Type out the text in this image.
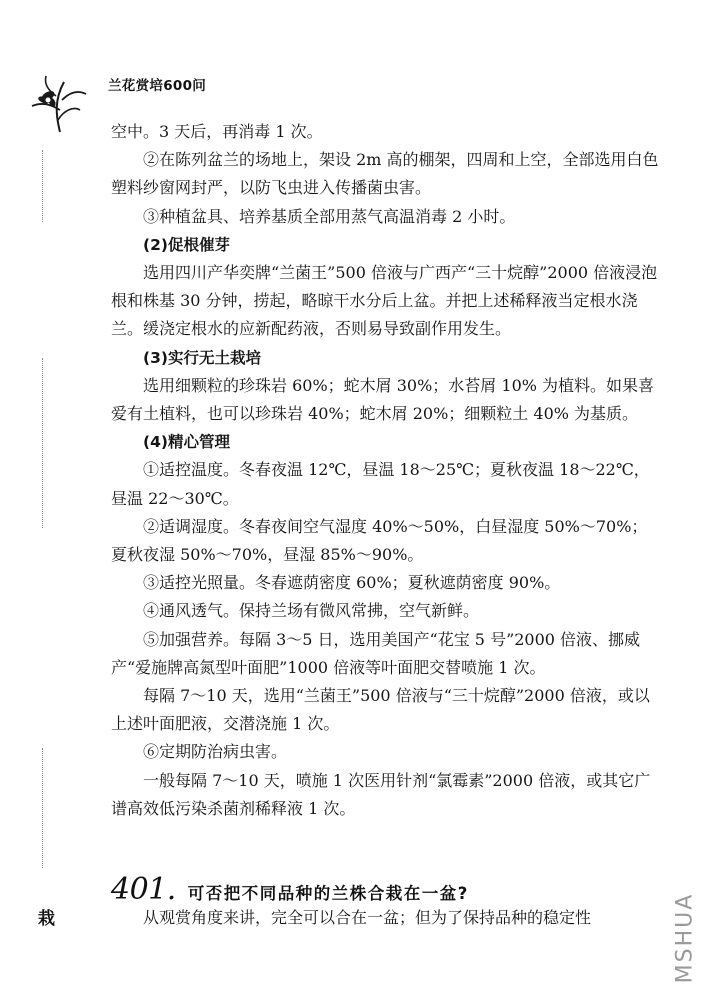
兰花赏培600问

空中。3 天后，再消毒 1 次。

②在陈列盆兰的场地上，架设 2m 高的棚架，四周和上空，全部选用白色塑料纱窗网封严，以防飞虫进入传播菌虫害。

③种植盆具、培养基质全部用蒸气高温消毒 2 小时。

(2)促根催芽

选用四川产华奕牌“兰菌王”500 倍液与广西产“三十烷醇”2000 倍液浸泡根和株基 30 分钟，捞起，略晾干水分后上盆。并把上述稀释液当定根水浇兰。缓浇定根水的应新配药液，否则易导致副作用发生。

(3)实行无土栽培

选用细颗粒的珍珠岩 60%；蛇木屑 30%；水苔屑 10% 为植料。如果喜爱有土植料，也可以珍珠岩 40%；蛇木屑 20%；细颗粒土 40% 为基质。

(4)精心管理

①适控温度。冬春夜温 12℃，昼温 18～25℃；夏秋夜温 18～22℃，昼温 22～30℃。

②适调湿度。冬春夜间空气湿度 40%～50%，白昼湿度 50%～70%；夏秋夜湿 50%～70%，昼湿 85%～90%。

③适控光照量。冬春遮荫密度 60%；夏秋遮荫密度 90%。

④通风透气。保持兰场有微风常拂，空气新鲜。

⑤加强营养。每隔 3～5 日，选用美国产“花宝 5 号”2000 倍液、挪威产“爱施牌高氮型叶面肥”1000 倍液等叶面肥交替喷施 1 次。

每隔 7～10 天，选用“兰菌王”500 倍液与“三十烷醇”2000 倍液，或以上述叶面肥液，交潜浇施 1 次。

⑥定期防治病虫害。

一般每隔 7～10 天，喷施 1 次医用针剂“氯霉素”2000 倍液，或其它广谱高效低污染杀菌剂稀释液 1 次。

401. 可否把不同品种的兰株合栽在一盆?

从观赏角度来讲，完全可以合在一盆；但为了保持品种的稳定性

栽	MSHUA
